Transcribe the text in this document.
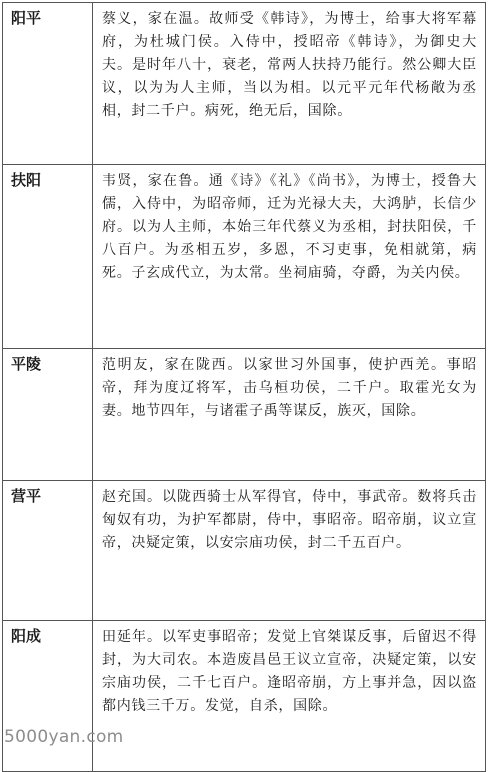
阳平	蔡义，家在温。故师受《韩诗》，为博士，给事大将军幕府，为杜城门侯。入侍中，授昭帝《韩诗》，为御史大夫。是时年八十，衰老，常两人扶持乃能行。然公卿大臣议，以为为人主师，当以为相。以元平元年代杨敞为丞相，封二千户。病死，绝无后，国除。
扶阳	韦贤，家在鲁。通《诗》《礼》《尚书》，为博士，授鲁大儒，入侍中，为昭帝师，迁为光禄大夫，大鸿胪，长信少府。以为人主师，本始三年代蔡义为丞相，封扶阳侯，千八百户。为丞相五岁，多恩，不习吏事，免相就第，病死。子玄成代立，为太常。坐祠庙骑，夺爵，为关内侯。
平陵	范明友，家在陇西。以家世习外国事，使护西羌。事昭帝，拜为度辽将军，击乌桓功侯，二千户。取霍光女为妻。地节四年，与诸霍子禹等谋反，族灭，国除。
营平	赵充国。以陇西骑士从军得官，侍中，事武帝。数将兵击匈奴有功，为护军都尉，侍中，事昭帝。昭帝崩，议立宣帝，决疑定策，以安宗庙功侯，封二千五百户。
阳成	田延年。以军吏事昭帝；发觉上官桀谋反事，后留迟不得封，为大司农。本造废昌邑王议立宣帝，决疑定策，以安宗庙功侯，二千七百户。逢昭帝崩，方上事并急，因以盗都内钱三千万。发觉，自杀，国除。
5000yan.com
